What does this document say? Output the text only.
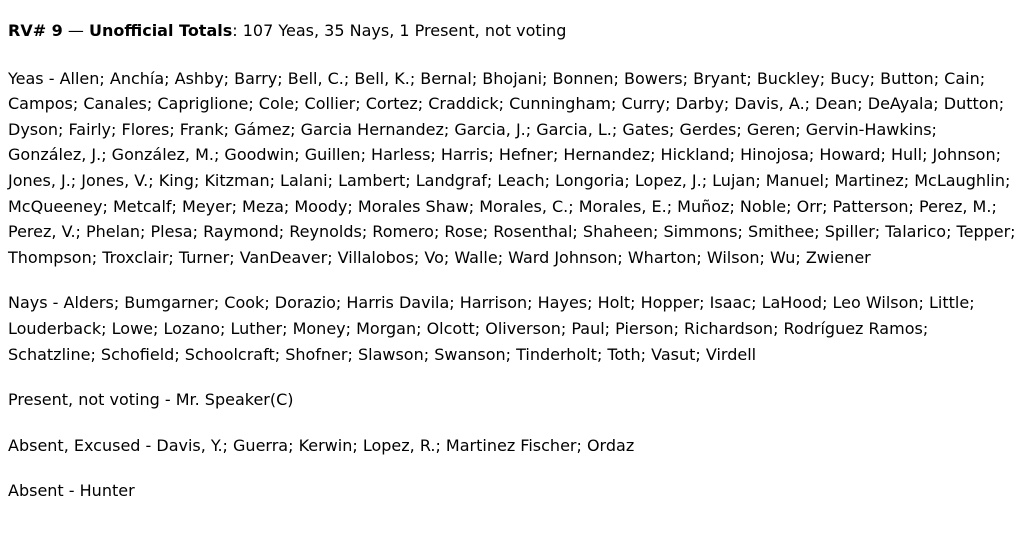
RV# 9 — Unofficial Totals: 107 Yeas, 35 Nays, 1 Present, not voting
Yeas - Allen; Anchía; Ashby; Barry; Bell, C.; Bell, K.; Bernal; Bhojani; Bonnen; Bowers; Bryant; Buckley; Bucy; Button; Cain; Campos; Canales; Capriglione; Cole; Collier; Cortez; Craddick; Cunningham; Curry; Darby; Davis, A.; Dean; DeAyala; Dutton; Dyson; Fairly; Flores; Frank; Gámez; Garcia Hernandez; Garcia, J.; Garcia, L.; Gates; Gerdes; Geren; Gervin-Hawkins; González, J.; González, M.; Goodwin; Guillen; Harless; Harris; Hefner; Hernandez; Hickland; Hinojosa; Howard; Hull; Johnson; Jones, J.; Jones, V.; King; Kitzman; Lalani; Lambert; Landgraf; Leach; Longoria; Lopez, J.; Lujan; Manuel; Martinez; McLaughlin; McQueeney; Metcalf; Meyer; Meza; Moody; Morales Shaw; Morales, C.; Morales, E.; Muñoz; Noble; Orr; Patterson; Perez, M.; Perez, V.; Phelan; Plesa; Raymond; Reynolds; Romero; Rose; Rosenthal; Shaheen; Simmons; Smithee; Spiller; Talarico; Tepper; Thompson; Troxclair; Turner; VanDeaver; Villalobos; Vo; Walle; Ward Johnson; Wharton; Wilson; Wu; Zwiener
Nays - Alders; Bumgarner; Cook; Dorazio; Harris Davila; Harrison; Hayes; Holt; Hopper; Isaac; LaHood; Leo Wilson; Little; Louderback; Lowe; Lozano; Luther; Money; Morgan; Olcott; Oliverson; Paul; Pierson; Richardson; Rodríguez Ramos; Schatzline; Schofield; Schoolcraft; Shofner; Slawson; Swanson; Tinderholt; Toth; Vasut; Virdell
Present, not voting - Mr. Speaker(C)
Absent, Excused - Davis, Y.; Guerra; Kerwin; Lopez, R.; Martinez Fischer; Ordaz
Absent - Hunter
